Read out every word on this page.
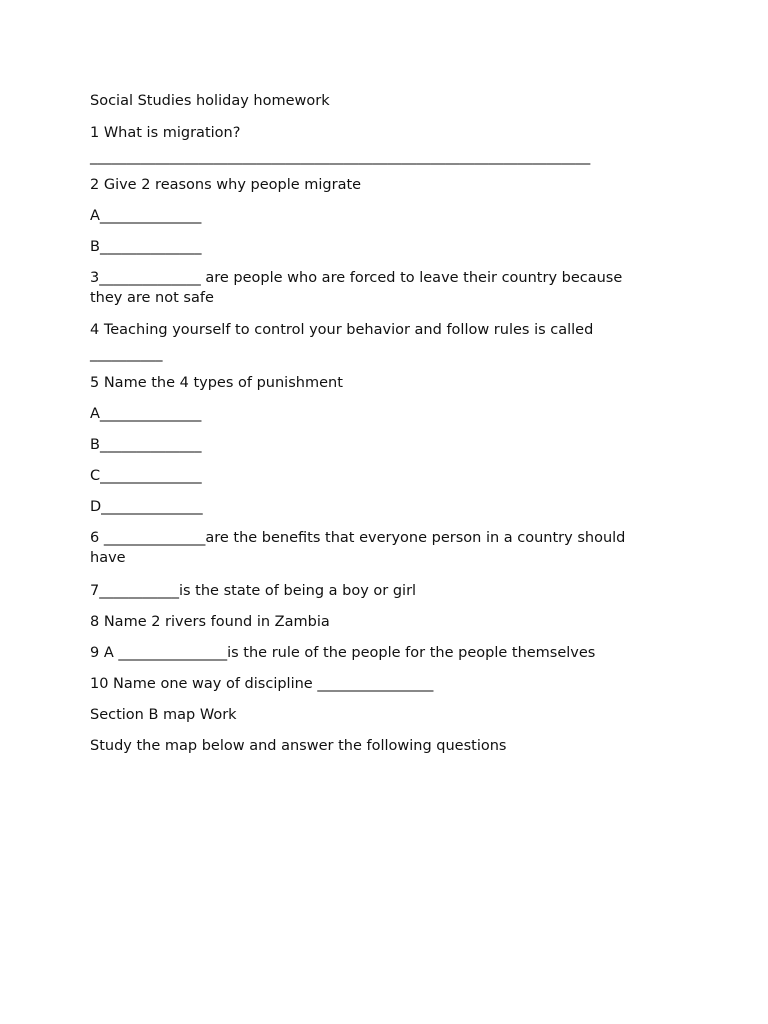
Social Studies holiday homework

1 What is migration?

_____________________________________________________________________

2 Give 2 reasons why people migrate

A______________

B______________

3______________ are people who are forced to leave their country because they are not safe

4 Teaching yourself to control your behavior and follow rules is called

__________

5 Name the 4 types of punishment

A______________

B______________

C______________

D______________

6 ______________are the benefits that everyone person in a country should have

7___________is the state of being a boy or girl

8 Name 2 rivers found in Zambia

9 A _______________is the rule of the people for the people themselves

10 Name one way of discipline ________________

Section B map Work

Study the map below and answer the following questions
